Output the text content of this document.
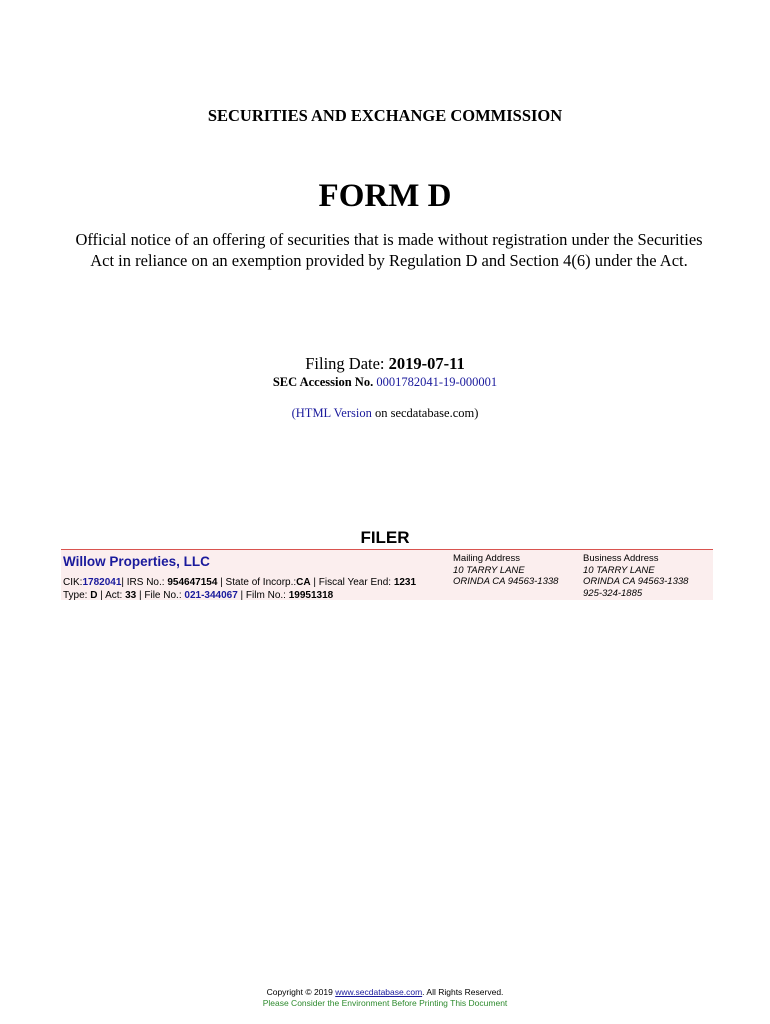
SECURITIES AND EXCHANGE COMMISSION
FORM D
Official notice of an offering of securities that is made without registration under the Securities
Act in reliance on an exemption provided by Regulation D and Section 4(6) under the Act.
Filing Date: 2019-07-11
SEC Accession No. 0001782041-19-000001
(HTML Version on secdatabase.com)
FILER
Willow Properties, LLC
CIK:1782041| IRS No.: 954647154 | State of Incorp.:CA | Fiscal Year End: 1231
Type: D | Act: 33 | File No.: 021-344067 | Film No.: 19951318
Mailing Address
10 TARRY LANE
ORINDA CA 94563-1338
Business Address
10 TARRY LANE
ORINDA CA 94563-1338
925-324-1885
Copyright © 2019 www.secdatabase.com. All Rights Reserved.
Please Consider the Environment Before Printing This Document
